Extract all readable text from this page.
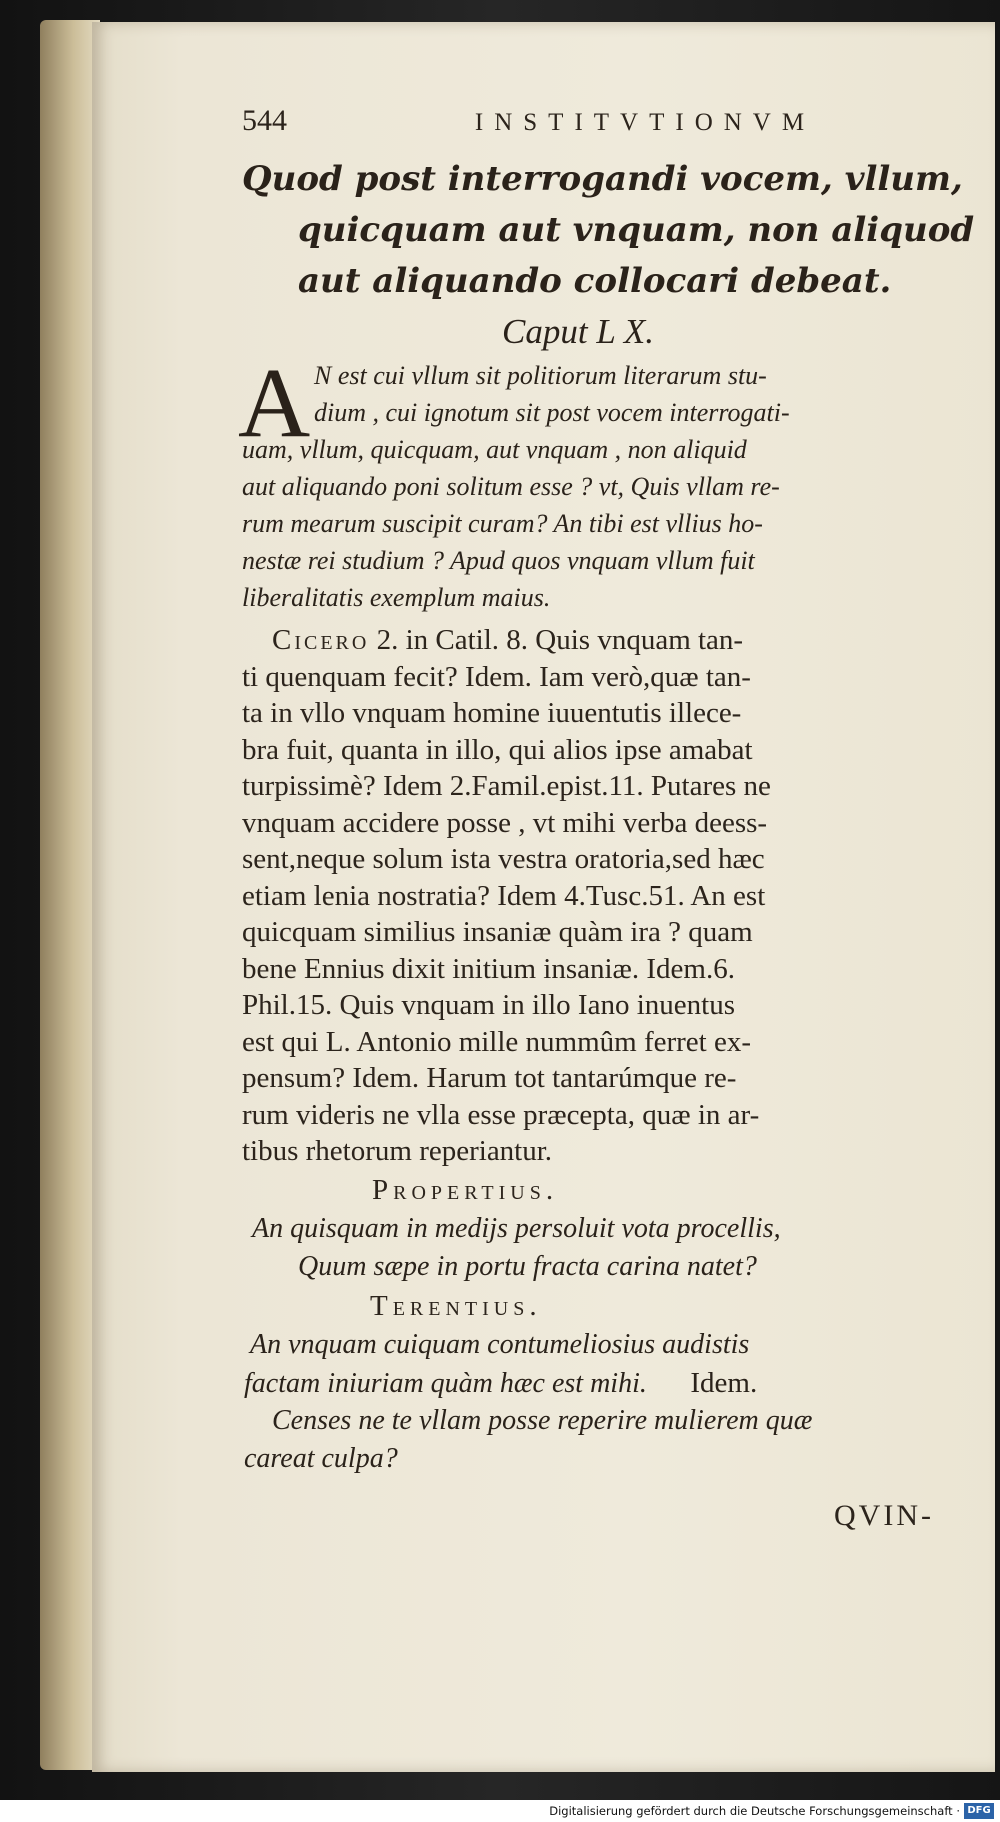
544	INSTITVTIONVM
Quod post interrogandi vocem, vllum,
quicquam aut vnquam, non aliquod
aut aliquando collocari debeat.
Caput L X.
A N est cui vllum sit politiorum literarum stu-
dium , cui ignotum sit post vocem interrogati-
uam, vllum, quicquam, aut vnquam , non aliquid
aut aliquando poni solitum esse ? vt, Quis vllam re-
rum mearum suscipit curam? An tibi est vllius ho-
nestæ rei studium ? Apud quos vnquam vllum fuit
liberalitatis exemplum maius.
Cicero 2. in Catil. 8. Quis vnquam tan-
ti quenquam fecit? Idem. Iam verò,quæ tan-
ta in vllo vnquam homine iuuentutis illece-
bra fuit, quanta in illo, qui alios ipse amabat
turpissimè? Idem 2.Famil.epist.11. Putares ne
vnquam accidere posse , vt mihi verba deess-
sent,neque solum ista vestra oratoria,sed hæc
etiam lenia nostratia? Idem 4.Tusc.51. An est
quicquam similius insaniæ quàm ira ? quam
bene Ennius dixit initium insaniæ. Idem.6.
Phil.15. Quis vnquam in illo Iano inuentus
est qui L. Antonio mille nummûm ferret ex-
pensum? Idem. Harum tot tantarúmque re-
rum videris ne vlla esse præcepta, quæ in ar-
tibus rhetorum reperiantur.
Propertius.
An quisquam in medijs persoluit vota procellis,
Quum sæpe in portu fracta carina natet?
Terentius.
An vnquam cuiquam contumeliosius audistis
factam iniuriam quàm hæc est mihi. Idem.
Censes ne te vllam posse reperire mulierem quæ
careat culpa?
QVIN-
Digitalisierung gefördert durch die Deutsche Forschungsgemeinschaft · DFG
